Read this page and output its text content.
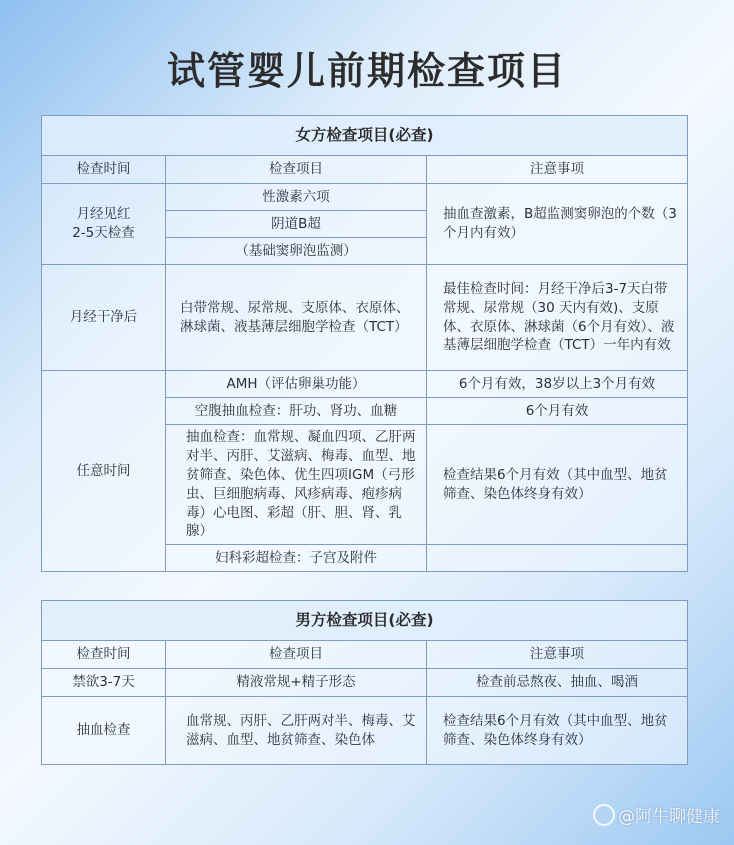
试管婴儿前期检查项目
女方检查项目(必查)		
检查时间	检查项目	注意事项
月经见红
2-5天检查	性激素六项	抽血查激素，B超监测窦卵泡的个数（3个月内有效）
	阴道B超	
	（基础窦卵泡监测）	
月经干净后	白带常规、尿常规、支原体、衣原体、淋球菌、液基薄层细胞学检查（TCT）	最佳检查时间：月经干净后3-7天白带常规、尿常规（30 天内有效)、支原体、衣原体、淋球菌（6个月有效）、液基薄层细胞学检查（TCT）一年内有效
任意时间	AMH（评估卵巢功能）	6个月有效，38岁以上3个月有效
	空腹抽血检查：肝功、肾功、血糖	6个月有效
	抽血检查：血常规、凝血四项、乙肝两对半、丙肝、艾滋病、梅毒、血型、地贫筛查、染色体、优生四项IGM（弓形虫、巨细胞病毒、风疹病毒、疱疹病毒）心电图、彩超（肝、胆、肾、乳腺）	检查结果6个月有效（其中血型、地贫筛查、染色体终身有效）
	妇科彩超检查：子宫及附件	
男方检查项目(必查)		
检查时间	检查项目	注意事项
禁欲3-7天	精液常规+精子形态	检查前忌熬夜、抽血、喝酒
抽血检查	血常规、丙肝、乙肝两对半、梅毒、艾滋病、血型、地贫筛查、染色体	检查结果6个月有效（其中血型、地贫筛查、染色体终身有效）
@阿牛聊健康
